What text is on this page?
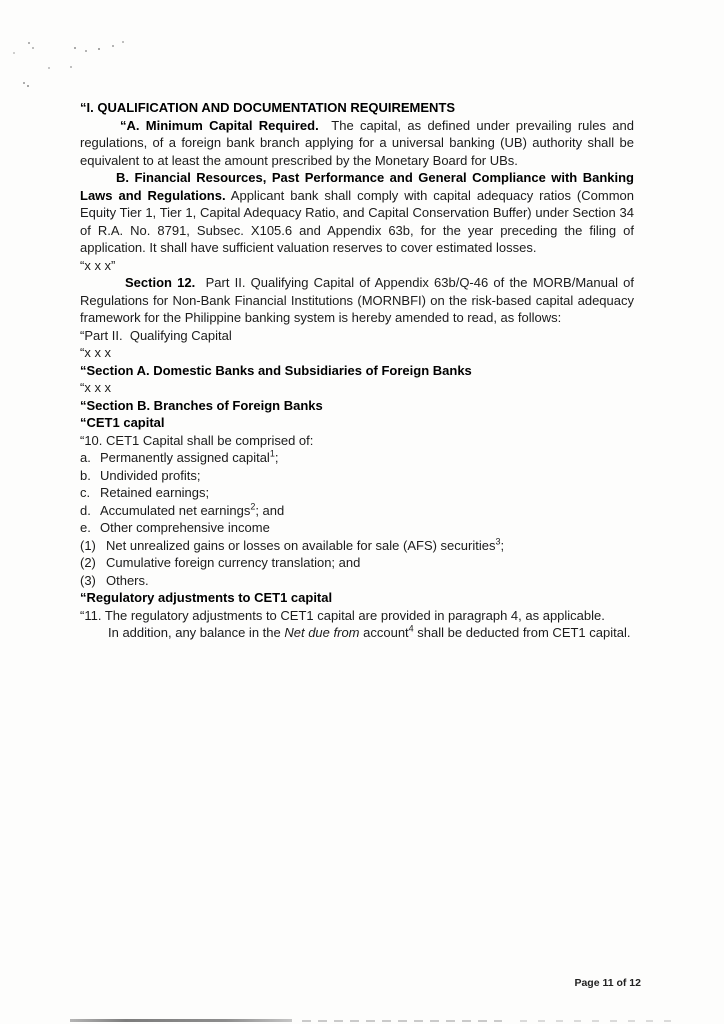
“I. QUALIFICATION AND DOCUMENTATION REQUIREMENTS

“A. Minimum Capital Required.  The capital, as defined under prevailing rules and regulations, of a foreign bank branch applying for a universal banking (UB) authority shall be equivalent to at least the amount prescribed by the Monetary Board for UBs.

B. Financial Resources, Past Performance and General Compliance with Banking Laws and Regulations. Applicant bank shall comply with capital adequacy ratios (Common Equity Tier 1, Tier 1, Capital Adequacy Ratio, and Capital Conservation Buffer) under Section 34 of R.A. No. 8791, Subsec. X105.6 and Appendix 63b, for the year preceding the filing of application. It shall have sufficient valuation reserves to cover estimated losses.

“x x x”

Section 12.  Part II. Qualifying Capital of Appendix 63b/Q-46 of the MORB/Manual of Regulations for Non-Bank Financial Institutions (MORNBFI) on the risk-based capital adequacy framework for the Philippine banking system is hereby amended to read, as follows:

“Part II.  Qualifying Capital

“x x x

“Section A. Domestic Banks and Subsidiaries of Foreign Banks

“x x x

“Section B. Branches of Foreign Banks

“CET1 capital

“10. CET1 Capital shall be comprised of:

a. Permanently assigned capital$^1$;

b. Undivided profits;

c. Retained earnings;

d. Accumulated net earnings$^2$; and

e. Other comprehensive income

(1) Net unrealized gains or losses on available for sale (AFS) securities$^3$;

(2) Cumulative foreign currency translation; and

(3) Others.

“Regulatory adjustments to CET1 capital

“11. The regulatory adjustments to CET1 capital are provided in paragraph 4, as applicable.

In addition, any balance in the Net due from account$^4$ shall be deducted from CET1 capital.

Page 11 of 12
